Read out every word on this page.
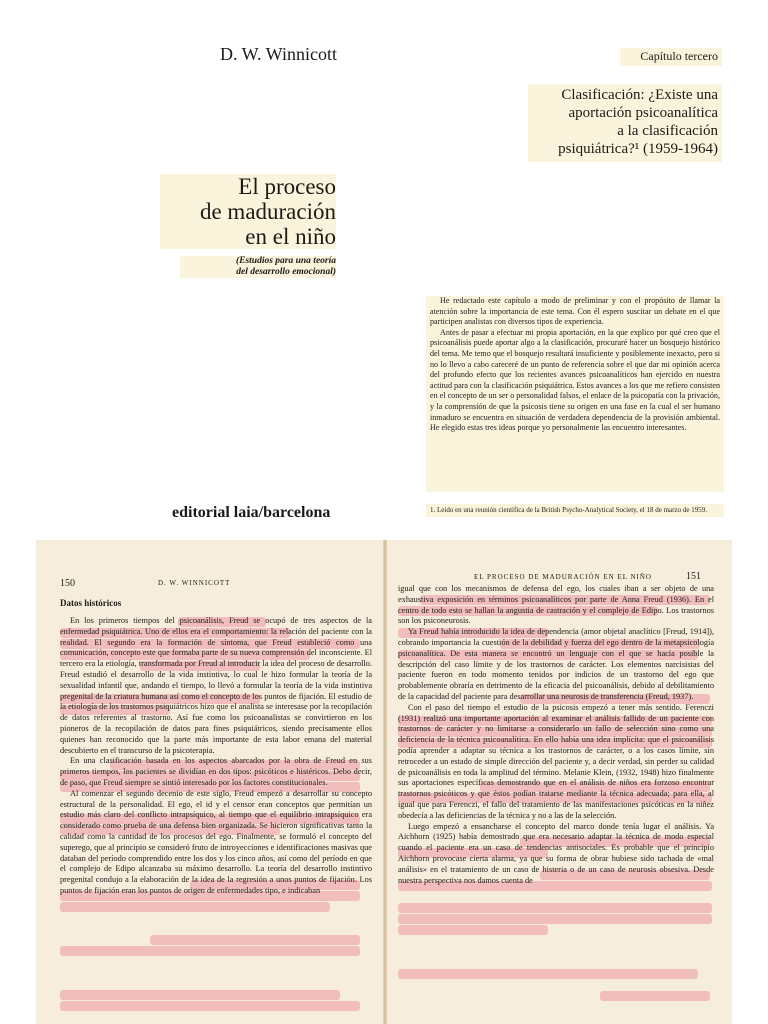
D. W. Winnicott
El proceso
de maduración
en el niño
(Estudios para una teoría
del desarrollo emocional)
editorial laia/barcelona
Capítulo tercero
Clasificación: ¿Existe una
aportación psicoanalítica
a la clasificación
psiquiátrica?¹ (1959-1964)

He redactado este capítulo a modo de preliminar y con el propósito de llamar la atención sobre la importancia de este tema. Con él espero suscitar un debate en el que participen analistas con diversos tipos de experiencia.

Antes de pasar a efectuar mi propia aportación, en la que explico por qué creo que el psicoanálisis puede aportar algo a la clasificación, procuraré hacer un bosquejo histórico del tema. Me temo que el bosquejo resultará insuficiente y posiblemente inexacto, pero si no lo llevo a cabo careceré de un punto de referencia sobre el que dar mi opinión acerca del profundo efecto que los recientes avances psicoanalíticos han ejercido en nuestra actitud para con la clasificación psiquiátrica. Estos avances a los que me refiero consisten en el concepto de un ser o personalidad falsos, el enlace de la psicopatía con la privación, y la comprensión de que la psicosis tiene su origen en una fase en la cual el ser humano inmaduro se encuentra en situación de verdadera dependencia de la provisión ambiental. He elegido estas tres ideas porque yo personalmente las encuentro interesantes.

1. Leído en una reunión científica de la British Psycho-Analytical Society, el 18 de marzo de 1959.
150	D. W. WINNICOTT
Datos históricos

En los primeros tiempos del psicoanálisis, Freud se ocupó de tres aspectos de la enfermedad psiquiátrica. Uno de ellos era el comportamiento: la relación del paciente con la realidad. El segundo era la formación de síntoma, que Freud estableció como una comunicación, concepto este que formaba parte de su nueva comprensión del inconsciente. El tercero era la etiología, transformada por Freud al introducir la idea del proceso de desarrollo. Freud estudió el desarrollo de la vida instintiva, lo cual le hizo formular la teoría de la sexualidad infantil que, andando el tiempo, lo llevó a formular la teoría de la vida instintiva pregenital de la criatura humana así como el concepto de los puntos de fijación. El estudio de la etiología de los trastornos psiquiátricos hizo que el analista se interesase por la recopilación de datos referentes al trastorno. Así fue como los psicoanalistas se convirtieron en los pioneros de la recopilación de datos para fines psiquiátricos, siendo precisamente ellos quienes han reconocido que la parte más importante de esta labor emana del material descubierto en el transcurso de la psicoterapia.

En una clasificación basada en los aspectos abarcados por la obra de Freud en sus primeros tiempos, los pacientes se dividían en dos tipos: psicóticos e histéricos. Debo decir, de paso, que Freud siempre se sintió interesado por los factores constitucionales.

Al comenzar el segundo decenio de este siglo, Freud empezó a desarrollar su concepto estructural de la personalidad. El ego, el id y el censor eran conceptos que permitían un estudio más claro del conflicto intrapsíquico, al tiempo que el equilibrio intrapsíquico era considerado como prueba de una defensa bien organizada. Se hicieron significativas tanto la calidad como la cantidad de los procesos del ego. Finalmente, se formuló el concepto del superego, que al principio se consideró fruto de introyecciones e identificaciones masivas que databan del período comprendido entre los dos y los cinco años, así como del período en que el complejo de Edipo alcanzaba su máximo desarrollo. La teoría del desarrollo instintivo pregenital condujo a la elaboración de la idea de la regresión a unos puntos de fijación. Los puntos de fijación eran los puntos de origen de enfermedades tipo, e indicaban

EL PROCESO DE MADURACIÓN EN EL NIÑO	151

igual que con los mecanismos de defensa del ego, los cuales iban a ser objeto de una exhaustiva exposición en términos psicoanalíticos por parte de Anna Freud (1936). En el centro de todo esto se hallan la angustia de castración y el complejo de Edipo. Los trastornos son los psiconeurosis.

Ya Freud había introducido la idea de dependencia (amor objetal anaclítico [Freud, 1914]), cobrando importancia la cuestión de la debilidad y fuerza del ego dentro de la metapsicología psicoanalítica. De esta manera se encontró un lenguaje con el que se hacía posible la descripción del caso límite y de los trastornos de carácter. Los elementos narcisistas del paciente fueron en todo momento tenidos por indicios de un trastorno del ego que probablemente obraría en detrimento de la eficacia del psicoanálisis, debido al debilitamiento de la capacidad del paciente para desarrollar una neurosis de transferencia (Freud, 1937).

Con el paso del tiempo el estudio de la psicosis empezó a tener más sentido. Ferenczi (1931) realizó una importante aportación al examinar el análisis fallido de un paciente con trastornos de carácter y no limitarse a considerarlo un fallo de selección sino como una deficiencia de la técnica psicoanalítica. En ello había una idea implícita: que el psicoanálisis podía aprender a adaptar su técnica a los trastornos de carácter, o a los casos límite, sin retroceder a un estado de simple dirección del paciente y, a decir verdad, sin perder su calidad de psicoanálisis en toda la amplitud del término. Melanie Klein, (1932, 1948) hizo finalmente sus aportaciones específicas demostrando que en el análisis de niños era forzoso encontrar trastornos psicóticos y que éstos podían tratarse mediante la técnica adecuada; para ella, al igual que para Ferenczi, el fallo del tratamiento de las manifestaciones psicóticas en la niñez obedecía a las deficiencias de la técnica y no a las de la selección.

Luego empezó a ensancharse el concepto del marco donde tenía lugar el análisis. Ya Aichhorn (1925) había demostrado que era necesario adaptar la técnica de modo especial cuando el paciente era un caso de tendencias antisociales. Es probable que el principio Aichhorn provocase cierta alarma, ya que su forma de obrar hubiese sido tachada de «mal análisis» en el tratamiento de un caso de histeria o de un caso de neurosis obsesiva. Desde nuestra perspectiva nos damos cuenta de
